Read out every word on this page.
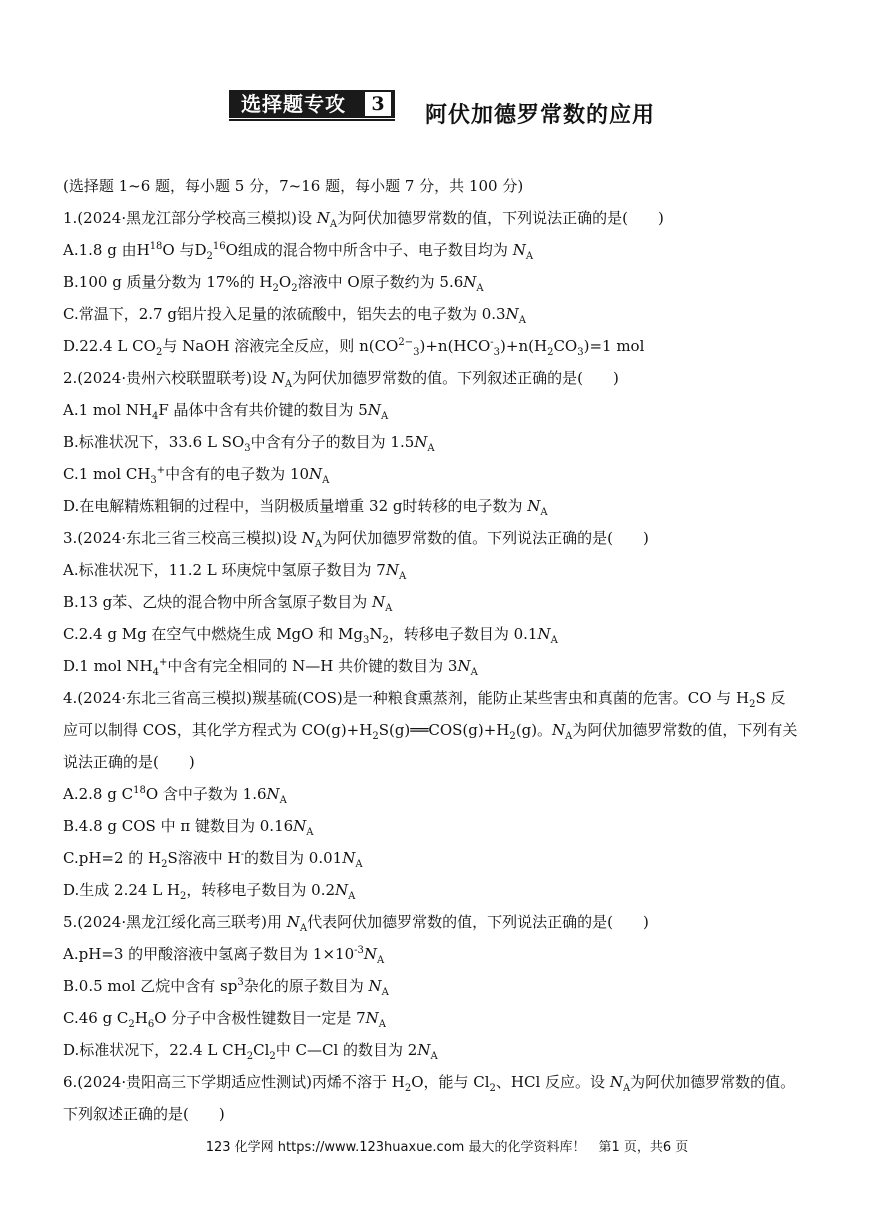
选择题专攻	3 阿伏加德罗常数的应用
(选择题 1~6 题，每小题 5 分，7~16 题，每小题 7 分，共 100 分)
1.(2024·黑龙江部分学校高三模拟)设 $N_A$为阿伏加德罗常数的值，下列说法正确的是(　　)
A.1.8 g 由$H^{18}O$ 与$D_2^{16}O$组成的混合物中所含中子、电子数目均为 $N_A$
B.100 g 质量分数为 17%的 $H_2O_2$溶液中 O原子数约为 $5.6N_A$
C.常温下，2.7 g铝片投入足量的浓硫酸中，铝失去的电子数为 $0.3N_A$
D.22.4 L $CO_2$与 NaOH 溶液完全反应，则 $n(CO^{2-}_3)+n(HCO^-_3)+n(H_2CO_3)=1$ mol
2.(2024·贵州六校联盟联考)设 $N_A$为阿伏加德罗常数的值。下列叙述正确的是(　　)
A.1 mol $NH_4F$ 晶体中含有共价键的数目为 $5N_A$
B.标准状况下，33.6 L $SO_3$中含有分子的数目为 $1.5N_A$
C.1 mol $CH_3^+$中含有的电子数为 $10N_A$
D.在电解精炼粗铜的过程中，当阴极质量增重 32 g时转移的电子数为 $N_A$
3.(2024·东北三省三校高三模拟)设 $N_A$为阿伏加德罗常数的值。下列说法正确的是(　　)
A.标准状况下，11.2 L 环庚烷中氢原子数目为 $7N_A$
B.13 g苯、乙炔的混合物中所含氢原子数目为 $N_A$
C.2.4 g Mg 在空气中燃烧生成 MgO 和 $Mg_3N_2$，转移电子数目为 $0.1N_A$
D.1 mol $NH_4^+$中含有完全相同的 N—H 共价键的数目为 $3N_A$
4.(2024·东北三省高三模拟)羰基硫(COS)是一种粮食熏蒸剂，能防止某些害虫和真菌的危害。CO 与 $H_2S$ 反
应可以制得 COS，其化学方程式为 $CO(g)+H_2S(g)══COS(g)+H_2(g)$。$N_A$为阿伏加德罗常数的值，下列有关
说法正确的是(　　)
A.2.8 g $C^{18}O$ 含中子数为 $1.6N_A$
B.4.8 g COS 中 π 键数目为 $0.16N_A$
C.pH=2 的 $H_2S$溶液中 H-的数目为 $0.01N_A$
D.生成 2.24 L $H_2$，转移电子数目为 $0.2N_A$
5.(2024·黑龙江绥化高三联考)用 $N_A$代表阿伏加德罗常数的值，下列说法正确的是(　　)
A.pH=3 的甲酸溶液中氢离子数目为 $1\times 10^{-3}N_A$
B.0.5 mol 乙烷中含有 $sp^3$杂化的原子数目为 $N_A$
C.46 g $C_2H_6O$ 分子中含极性键数目一定是 $7N_A$
D.标准状况下，22.4 L $CH_2Cl_2$中 C—Cl 的数目为 $2N_A$
6.(2024·贵阳高三下学期适应性测试)丙烯不溶于 $H_2O$，能与 $Cl_2$、HCl 反应。设 $N_A$为阿伏加德罗常数的值。
下列叙述正确的是(　　)
123 化学网 https://www.123huaxue.com 最大的化学资料库！　第1 页，共6 页
